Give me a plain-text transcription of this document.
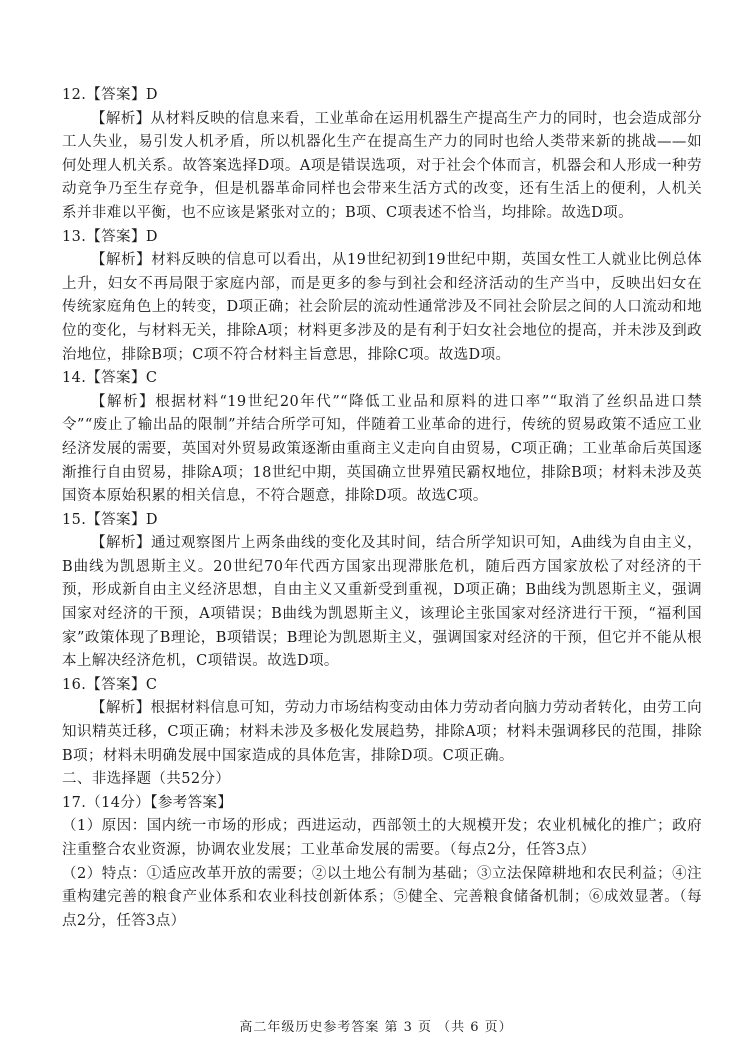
12.【答案】D

【解析】从材料反映的信息来看，工业革命在运用机器生产提高生产力的同时，也会造成部分工人失业，易引发人机矛盾，所以机器化生产在提高生产力的同时也给人类带来新的挑战——如何处理人机关系。故答案选择D项。A项是错误选项，对于社会个体而言，机器会和人形成一种劳动竞争乃至生存竞争，但是机器革命同样也会带来生活方式的改变，还有生活上的便利，人机关系并非难以平衡，也不应该是紧张对立的；B项、C项表述不恰当，均排除。故选D项。

13.【答案】D

【解析】材料反映的信息可以看出，从19世纪初到19世纪中期，英国女性工人就业比例总体上升，妇女不再局限于家庭内部，而是更多的参与到社会和经济活动的生产当中，反映出妇女在传统家庭角色上的转变，D项正确；社会阶层的流动性通常涉及不同社会阶层之间的人口流动和地位的变化，与材料无关，排除A项；材料更多涉及的是有利于妇女社会地位的提高，并未涉及到政治地位，排除B项；C项不符合材料主旨意思，排除C项。故选D项。

14.【答案】C

【解析】根据材料“19世纪20年代”“降低工业品和原料的进口率”“取消了丝织品进口禁令”“废止了输出品的限制”并结合所学可知，伴随着工业革命的进行，传统的贸易政策不适应工业经济发展的需要，英国对外贸易政策逐渐由重商主义走向自由贸易，C项正确；工业革命后英国逐渐推行自由贸易，排除A项；18世纪中期，英国确立世界殖民霸权地位，排除B项；材料未涉及英国资本原始积累的相关信息，不符合题意，排除D项。故选C项。

15.【答案】D

【解析】通过观察图片上两条曲线的变化及其时间，结合所学知识可知，A曲线为自由主义，B曲线为凯恩斯主义。20世纪70年代西方国家出现滞胀危机，随后西方国家放松了对经济的干预，形成新自由主义经济思想，自由主义又重新受到重视，D项正确；B曲线为凯恩斯主义，强调国家对经济的干预，A项错误；B曲线为凯恩斯主义，该理论主张国家对经济进行干预，“福利国家”政策体现了B理论，B项错误；B理论为凯恩斯主义，强调国家对经济的干预，但它并不能从根本上解决经济危机，C项错误。故选D项。

16.【答案】C

【解析】根据材料信息可知，劳动力市场结构变动由体力劳动者向脑力劳动者转化，由劳工向知识精英迁移，C项正确；材料未涉及多极化发展趋势，排除A项；材料未强调移民的范围，排除B项；材料未明确发展中国家造成的具体危害，排除D项。C项正确。

二、非选择题（共52分）

17.（14分）【参考答案】

（1）原因：国内统一市场的形成；西进运动，西部领土的大规模开发；农业机械化的推广；政府注重整合农业资源，协调农业发展；工业革命发展的需要。（每点2分，任答3点）

（2）特点：①适应改革开放的需要；②以土地公有制为基础；③立法保障耕地和农民利益；④注重构建完善的粮食产业体系和农业科技创新体系；⑤健全、完善粮食储备机制；⑥成效显著。（每点2分，任答3点）

高二年级历史参考答案 第 3 页 （共 6 页）
